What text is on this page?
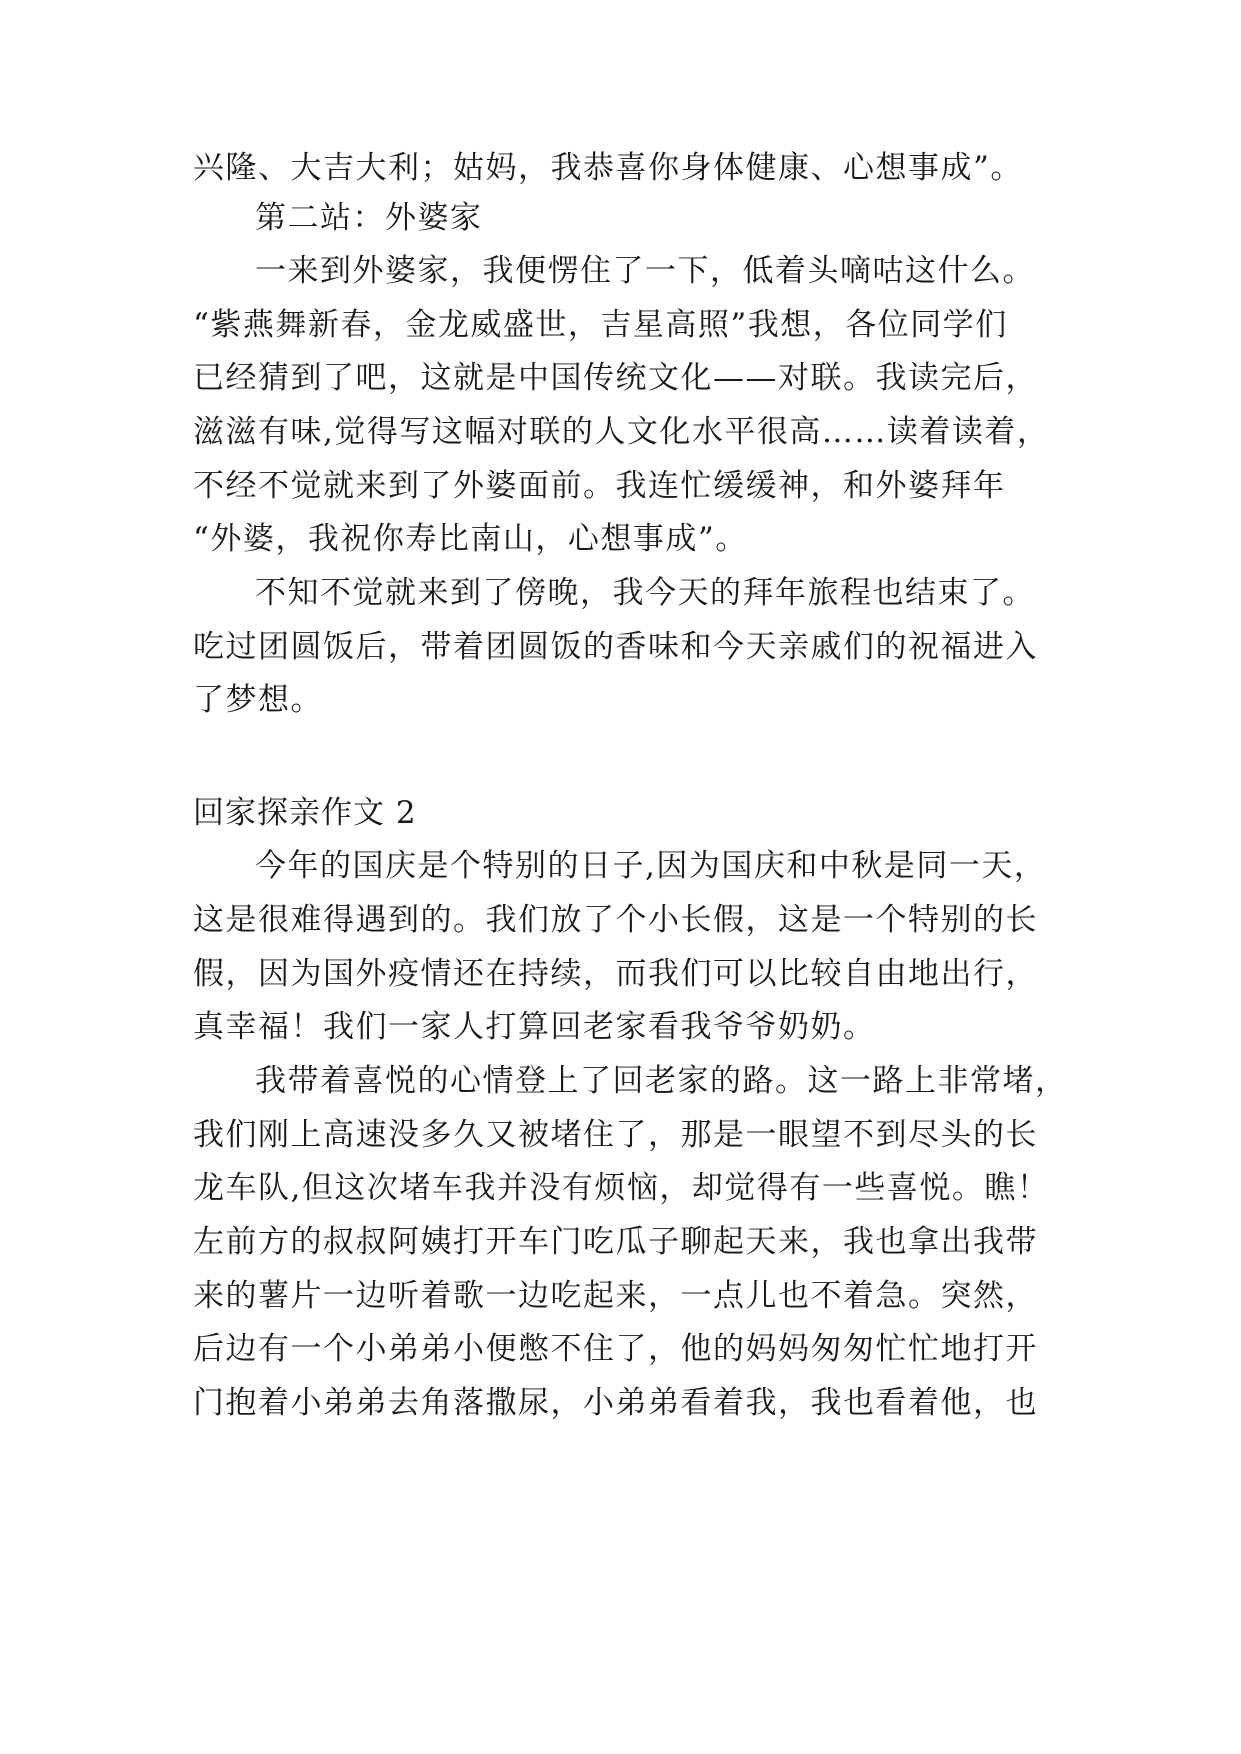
兴隆、大吉大利；姑妈，我恭喜你身体健康、心想事成”。
第二站：外婆家
一来到外婆家，我便愣住了一下，低着头嘀咕这什么。
“紫燕舞新春，金龙威盛世，吉星高照”我想，各位同学们
已经猜到了吧，这就是中国传统文化——对联。我读完后，
滋滋有味,觉得写这幅对联的人文化水平很高……读着读着，
不经不觉就来到了外婆面前。我连忙缓缓神，和外婆拜年
“外婆，我祝你寿比南山，心想事成”。
不知不觉就来到了傍晚，我今天的拜年旅程也结束了。
吃过团圆饭后，带着团圆饭的香味和今天亲戚们的祝福进入
了梦想。
回家探亲作文 2
今年的国庆是个特别的日子,因为国庆和中秋是同一天，
这是很难得遇到的。我们放了个小长假，这是一个特别的长
假，因为国外疫情还在持续，而我们可以比较自由地出行，
真幸福！我们一家人打算回老家看我爷爷奶奶。
我带着喜悦的心情登上了回老家的路。这一路上非常堵，
我们刚上高速没多久又被堵住了，那是一眼望不到尽头的长
龙车队,但这次堵车我并没有烦恼，却觉得有一些喜悦。瞧！
左前方的叔叔阿姨打开车门吃瓜子聊起天来，我也拿出我带
来的薯片一边听着歌一边吃起来，一点儿也不着急。突然，
后边有一个小弟弟小便憋不住了，他的妈妈匆匆忙忙地打开
门抱着小弟弟去角落撒尿，小弟弟看着我，我也看着他，也
